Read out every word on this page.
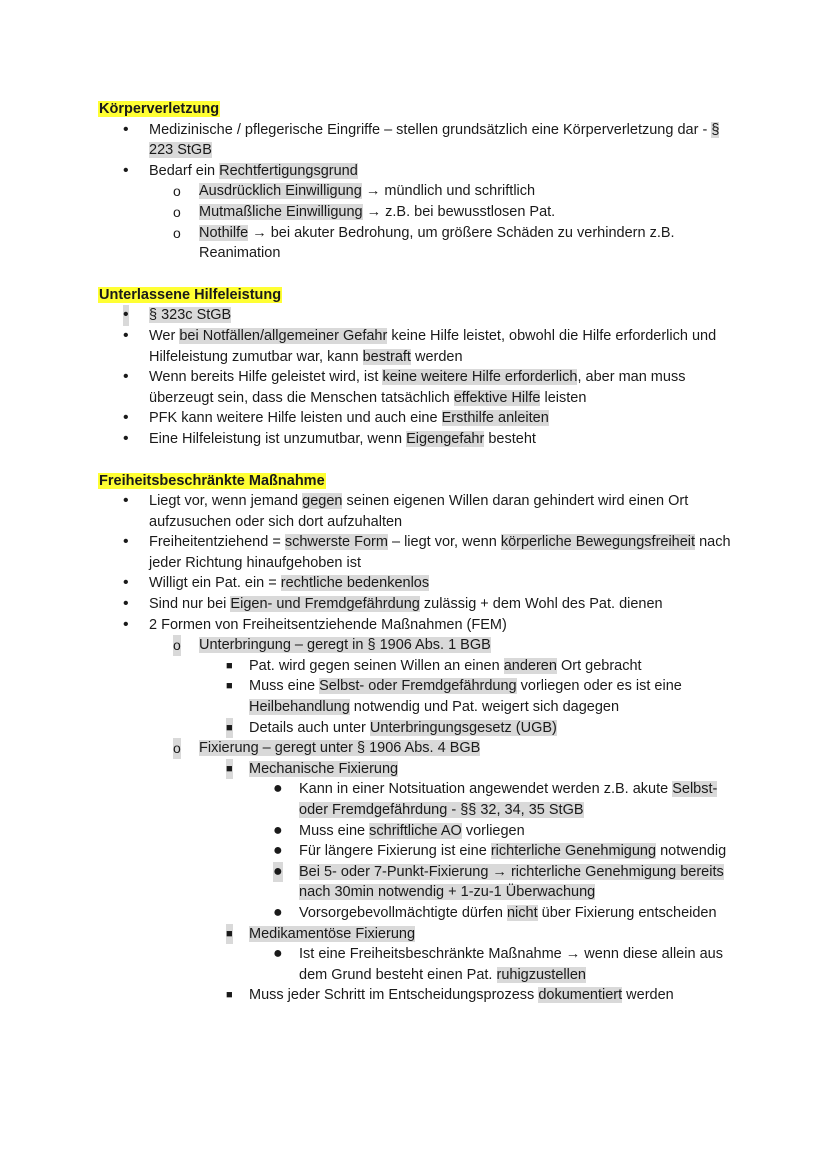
Körperverletzung
• Medizinische / pflegerische Eingriffe – stellen grundsätzlich eine Körperverletzung dar - § 223 StGB
• Bedarf ein Rechtfertigungsgrund
o Ausdrücklich Einwilligung → mündlich und schriftlich
o Mutmaßliche Einwilligung → z.B. bei bewusstlosen Pat.
o Nothilfe → bei akuter Bedrohung, um größere Schäden zu verhindern z.B. Reanimation
Unterlassene Hilfeleistung
• § 323c StGB
• Wer bei Notfällen/allgemeiner Gefahr keine Hilfe leistet, obwohl die Hilfe erforderlich und Hilfeleistung zumutbar war, kann bestraft werden
• Wenn bereits Hilfe geleistet wird, ist keine weitere Hilfe erforderlich, aber man muss überzeugt sein, dass die Menschen tatsächlich effektive Hilfe leisten
• PFK kann weitere Hilfe leisten und auch eine Ersthilfe anleiten
• Eine Hilfeleistung ist unzumutbar, wenn Eigengefahr besteht
Freiheitsbeschränkte Maßnahme
• Liegt vor, wenn jemand gegen seinen eigenen Willen daran gehindert wird einen Ort aufzusuchen oder sich dort aufzuhalten
• Freiheitentziehend = schwerste Form – liegt vor, wenn körperliche Bewegungsfreiheit nach jeder Richtung hinaufgehoben ist
• Willigt ein Pat. ein = rechtliche bedenkenlos
• Sind nur bei Eigen- und Fremdgefährdung zulässig + dem Wohl des Pat. dienen
• 2 Formen von Freiheitsentziehende Maßnahmen (FEM)
o Unterbringung – geregt in § 1906 Abs. 1 BGB
■ Pat. wird gegen seinen Willen an einen anderen Ort gebracht
■ Muss eine Selbst- oder Fremdgefährdung vorliegen oder es ist eine Heilbehandlung notwendig und Pat. weigert sich dagegen
■ Details auch unter Unterbringungsgesetz (UGB)
o Fixierung – geregt unter § 1906 Abs. 4 BGB
■ Mechanische Fixierung
● Kann in einer Notsituation angewendet werden z.B. akute Selbst- oder Fremdgefährdung - §§ 32, 34, 35 StGB
● Muss eine schriftliche AO vorliegen
● Für längere Fixierung ist eine richterliche Genehmigung notwendig
● Bei 5- oder 7-Punkt-Fixierung → richterliche Genehmigung bereits nach 30min notwendig + 1-zu-1 Überwachung
● Vorsorgebevollmächtigte dürfen nicht über Fixierung entscheiden
■ Medikamentöse Fixierung
● Ist eine Freiheitsbeschränkte Maßnahme → wenn diese allein aus dem Grund besteht einen Pat. ruhigzustellen
■ Muss jeder Schritt im Entscheidungsprozess dokumentiert werden
